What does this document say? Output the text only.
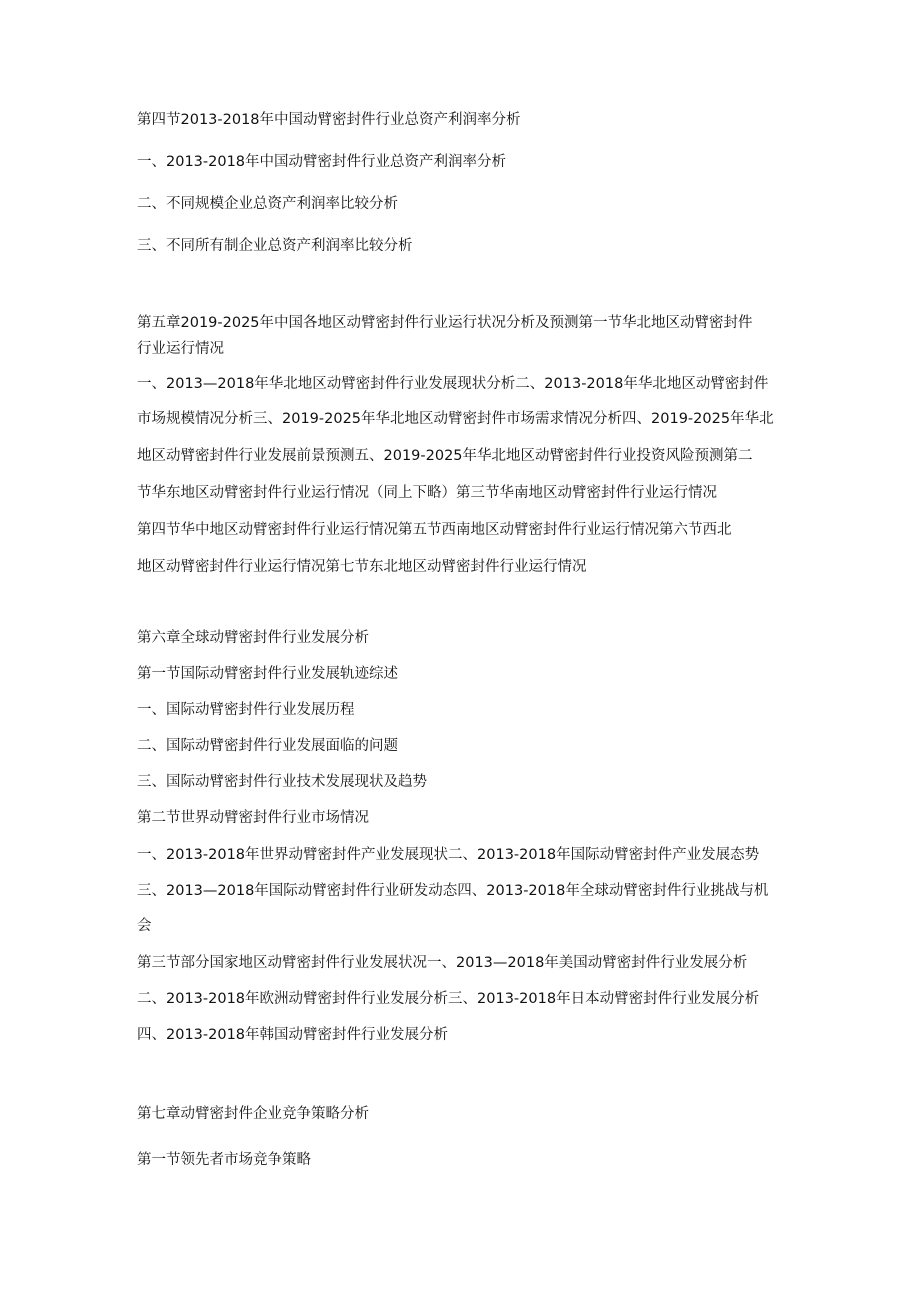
第四节2013-2018年中国动臂密封件行业总资产利润率分析
一、2013-2018年中国动臂密封件行业总资产利润率分析
二、不同规模企业总资产利润率比较分析
三、不同所有制企业总资产利润率比较分析
第五章2019-2025年中国各地区动臂密封件行业运行状况分析及预测第一节华北地区动臂密封件
行业运行情况
一、2013—2018年华北地区动臂密封件行业发展现状分析二、2013-2018年华北地区动臂密封件
市场规模情况分析三、2019-2025年华北地区动臂密封件市场需求情况分析四、2019-2025年华北
地区动臂密封件行业发展前景预测五、2019-2025年华北地区动臂密封件行业投资风险预测第二
节华东地区动臂密封件行业运行情况（同上下略）第三节华南地区动臂密封件行业运行情况
第四节华中地区动臂密封件行业运行情况第五节西南地区动臂密封件行业运行情况第六节西北
地区动臂密封件行业运行情况第七节东北地区动臂密封件行业运行情况
第六章全球动臂密封件行业发展分析
第一节国际动臂密封件行业发展轨迹综述
一、国际动臂密封件行业发展历程
二、国际动臂密封件行业发展面临的问题
三、国际动臂密封件行业技术发展现状及趋势
第二节世界动臂密封件行业市场情况
一、2013-2018年世界动臂密封件产业发展现状二、2013-2018年国际动臂密封件产业发展态势
三、2013—2018年国际动臂密封件行业研发动态四、2013-2018年全球动臂密封件行业挑战与机
会
第三节部分国家地区动臂密封件行业发展状况一、2013—2018年美国动臂密封件行业发展分析
二、2013-2018年欧洲动臂密封件行业发展分析三、2013-2018年日本动臂密封件行业发展分析
四、2013-2018年韩国动臂密封件行业发展分析
第七章动臂密封件企业竞争策略分析
第一节领先者市场竞争策略
